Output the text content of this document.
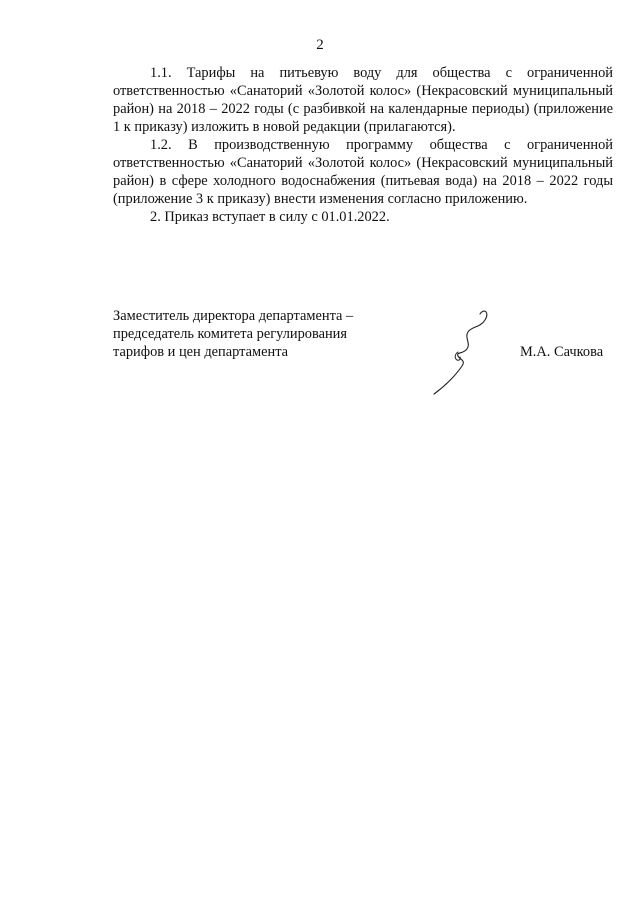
2

1.1. Тарифы на питьевую воду для общества с ограниченной ответственностью «Санаторий «Золотой колос» (Некрасовский муниципальный район) на 2018 – 2022 годы (с разбивкой на календарные периоды) (приложение 1 к приказу) изложить в новой редакции (прилагаются).

1.2. В производственную программу общества с ограниченной ответственностью «Санаторий «Золотой колос» (Некрасовский муниципальный район) в сфере холодного водоснабжения (питьевая вода) на 2018 – 2022 годы (приложение 3 к приказу) внести изменения согласно приложению.

2. Приказ вступает в силу с 01.01.2022.

Заместитель директора департамента –
председатель комитета регулирования
тарифов и цен департамента	М.А. Сачкова
